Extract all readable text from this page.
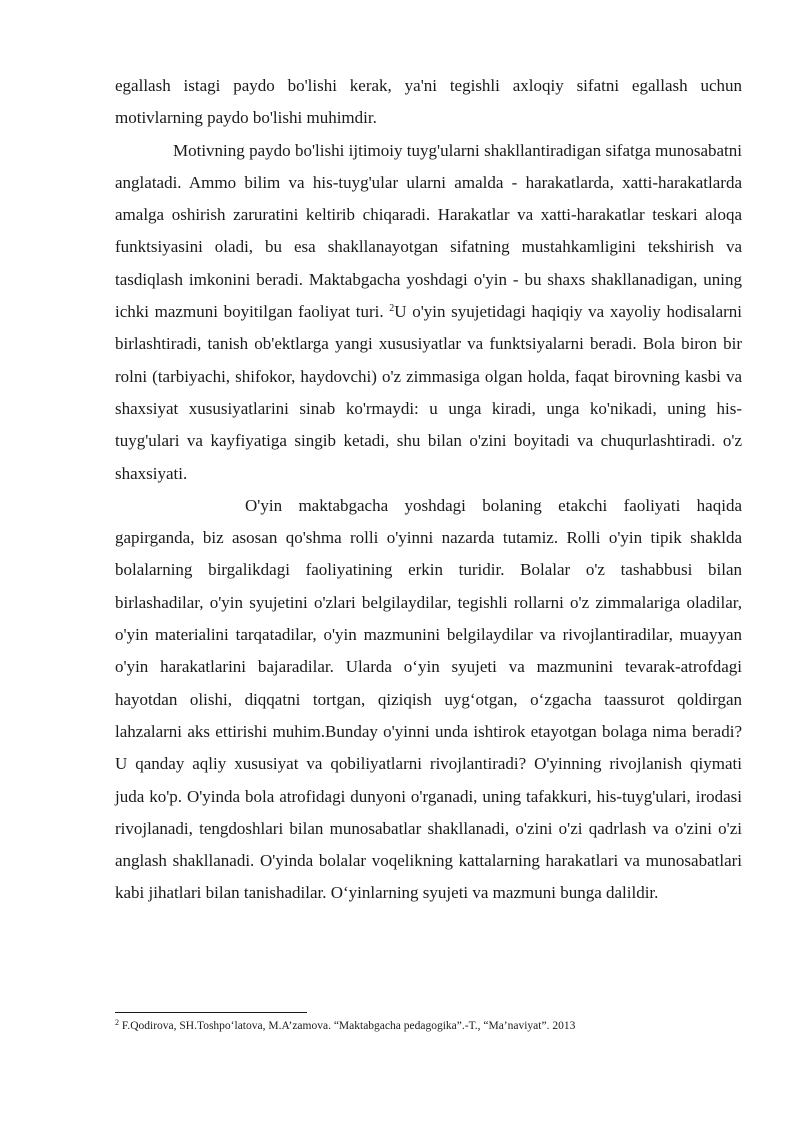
egallash istagi paydo bo'lishi kerak, ya'ni tegishli axloqiy sifatni egallash uchun motivlarning paydo bo'lishi muhimdir.

Motivning paydo bo'lishi ijtimoiy tuyg'ularni shakllantiradigan sifatga munosabatni anglatadi. Ammo bilim va his-tuyg'ular ularni amalda - harakatlarda, xatti-harakatlarda amalga oshirish zaruratini keltirib chiqaradi. Harakatlar va xatti-harakatlar teskari aloqa funktsiyasini oladi, bu esa shakllanayotgan sifatning mustahkamligini tekshirish va tasdiqlash imkonini beradi. Maktabgacha yoshdagi o'yin - bu shaxs shakllanadigan, uning ichki mazmuni boyitilgan faoliyat turi. $^2$U o'yin syujetidagi haqiqiy va xayoliy hodisalarni birlashtiradi, tanish ob'ektlarga yangi xususiyatlar va funktsiyalarni beradi. Bola biron bir rolni (tarbiyachi, shifokor, haydovchi) o'z zimmasiga olgan holda, faqat birovning kasbi va shaxsiyat xususiyatlarini sinab ko'rmaydi: u unga kiradi, unga ko'nikadi, uning his-tuyg'ulari va kayfiyatiga singib ketadi, shu bilan o'zini boyitadi va chuqurlashtiradi. o'z shaxsiyati.

O'yin maktabgacha yoshdagi bolaning etakchi faoliyati haqida gapirganda, biz asosan qo'shma rolli o'yinni nazarda tutamiz. Rolli o'yin tipik shaklda bolalarning birgalikdagi faoliyatining erkin turidir. Bolalar o'z tashabbusi bilan birlashadilar, o'yin syujetini o'zlari belgilaydilar, tegishli rollarni o'z zimmalariga oladilar, o'yin materialini tarqatadilar, o'yin mazmunini belgilaydilar va rivojlantiradilar, muayyan o'yin harakatlarini bajaradilar. Ularda o‘yin syujeti va mazmunini tevarak-atrofdagi hayotdan olishi, diqqatni tortgan, qiziqish uyg‘otgan, o‘zgacha taassurot qoldirgan lahzalarni aks ettirishi muhim.Bunday o'yinni unda ishtirok etayotgan bolaga nima beradi? U qanday aqliy xususiyat va qobiliyatlarni rivojlantiradi? O'yinning rivojlanish qiymati juda ko'p. O'yinda bola atrofidagi dunyoni o'rganadi, uning tafakkuri, his-tuyg'ulari, irodasi rivojlanadi, tengdoshlari bilan munosabatlar shakllanadi, o'zini o'zi qadrlash va o'zini o'zi anglash shakllanadi. O'yinda bolalar voqelikning kattalarning harakatlari va munosabatlari kabi jihatlari bilan tanishadilar. O‘yinlarning syujeti va mazmuni bunga dalildir.

$^2$ F.Qodirova, SH.Toshpo‘latova, M.A’zamova. “Maktabgacha pedagogika”.-T., “Ma’naviyat”. 2013
